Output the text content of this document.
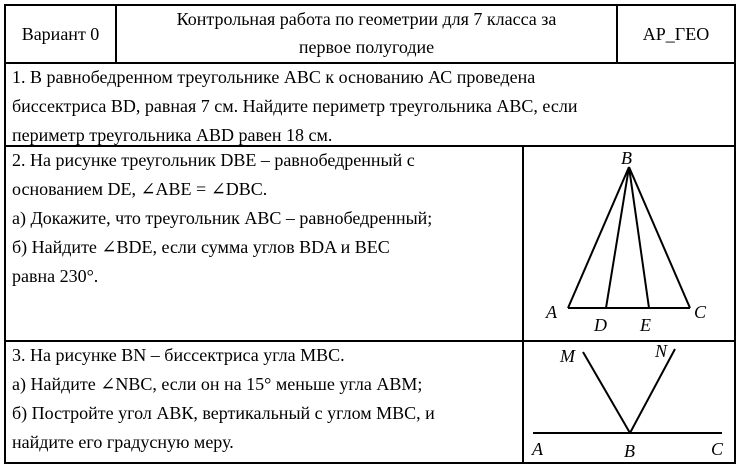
Вариант 0
Контрольная работа по геометрии для 7 класса за
первое полугодие
АР_ГЕО
1. В равнобедренном треугольнике АВС к основанию АС проведена
биссектриса BD, равная 7 см. Найдите периметр треугольника АВС, если
периметр треугольника ABD равен 18 см.
2. На рисунке треугольник DBE – равнобедренный с
основанием DE, ∠ABE = ∠DBC.
а) Докажите, что треугольник ABC – равнобедренный;
б) Найдите ∠BDE, если сумма углов BDA и BEC
равна 230°.
B
A
D E
C
3. На рисунке BN – биссектриса угла MBC.
а) Найдите ∠NBC, если он на 15° меньше угла АВМ;
б) Постройте угол АВК, вертикальный с углом МВС, и
найдите его градусную меру.
M	N
A	B	C
